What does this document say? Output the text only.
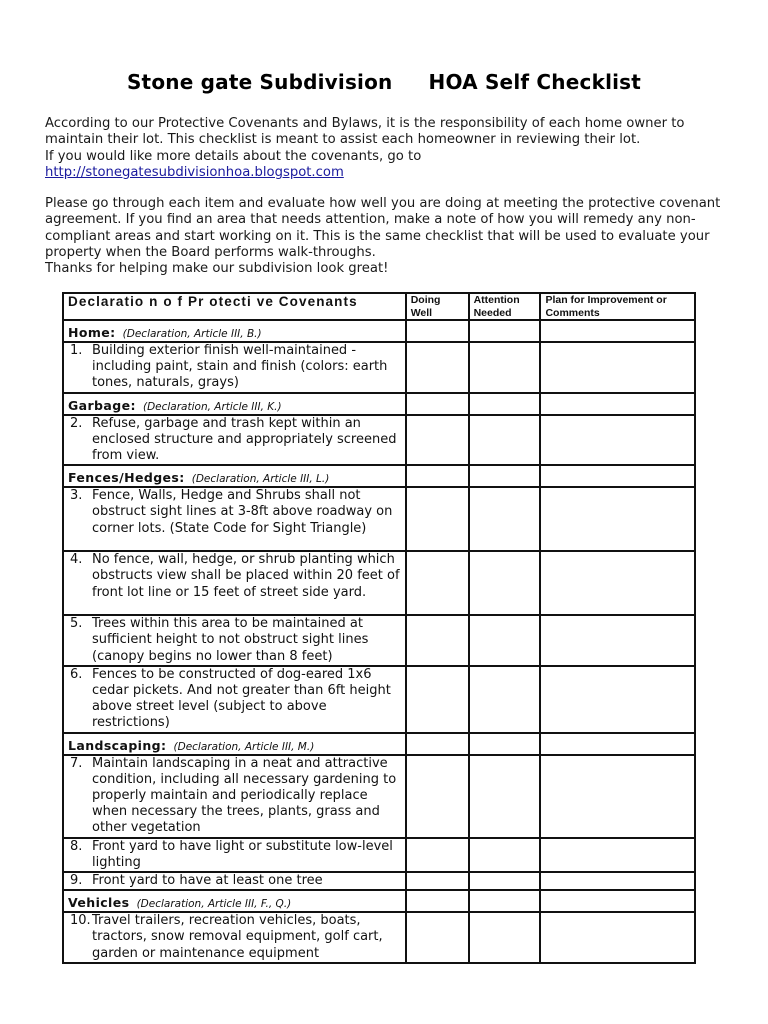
Stone gate Subdivision HOA Self Checklist

According to our Protective Covenants and Bylaws, it is the responsibility of each home owner to maintain their lot. This checklist is meant to assist each homeowner in reviewing their lot.

If you would like more details about the covenants, go to

http://stonegatesubdivisionhoa.blogspot.com

Please go through each item and evaluate how well you are doing at meeting the protective covenant agreement. If you find an area that needs attention, make a note of how you will remedy any non-compliant areas and start working on it. This is the same checklist that will be used to evaluate your property when the Board performs walk-throughs.

Thanks for helping make our subdivision look great!

Declaratio n o f Pr otecti ve Covenants	Doing Well	Attention Needed	Plan for Improvement or Comments
Home: (Declaration, Article III, B.)			

1. Building exterior finish well-maintained - including paint, stain and finish (colors: earth tones, naturals, grays)			

Garbage: (Declaration, Article III, K.)			

2. Refuse, garbage and trash kept within an enclosed structure and appropriately screened from view.			

Fences/Hedges: (Declaration, Article III, L.)			

3. Fence, Walls, Hedge and Shrubs shall not obstruct sight lines at 3-8ft above roadway on corner lots. (State Code for Sight Triangle)			

4. No fence, wall, hedge, or shrub planting which obstructs view shall be placed within 20 feet of front lot line or 15 feet of street side yard.			

5. Trees within this area to be maintained at sufficient height to not obstruct sight lines (canopy begins no lower than 8 feet)			

6. Fences to be constructed of dog-eared 1x6 cedar pickets. And not greater than 6ft height above street level (subject to above restrictions)			

Landscaping: (Declaration, Article III, M.)			

7. Maintain landscaping in a neat and attractive condition, including all necessary gardening to properly maintain and periodically replace when necessary the trees, plants, grass and other vegetation			

8. Front yard to have light or substitute low-level lighting			

9. Front yard to have at least one tree			

Vehicles (Declaration, Article III, F., Q.)			

10. Travel trailers, recreation vehicles, boats, tractors, snow removal equipment, golf cart, garden or maintenance equipment			
